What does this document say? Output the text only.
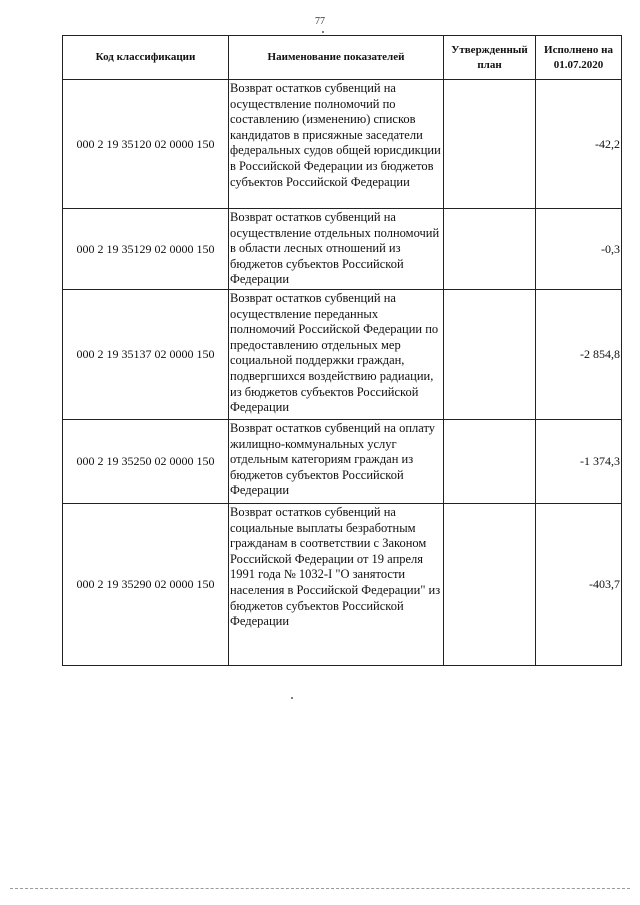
77
Код классификации	Наименование показателей	Утвержденный план	Исполнено на 01.07.2020
000 2 19 35120 02 0000 150	Возврат остатков субвенций на осуществление полномочий по составлению (изменению) списков кандидатов в присяжные заседатели федеральных судов общей юрисдикции в Российской Федерации из бюджетов субъектов Российской Федерации		-42,2
000 2 19 35129 02 0000 150	Возврат остатков субвенций на осуществление отдельных полномочий в области лесных отношений из бюджетов субъектов Российской Федерации		-0,3
000 2 19 35137 02 0000 150	Возврат остатков субвенций на осуществление переданных полномочий Российской Федерации по предоставлению отдельных мер социальной поддержки граждан, подвергшихся воздействию радиации, из бюджетов субъектов Российской Федерации		-2 854,8
000 2 19 35250 02 0000 150	Возврат остатков субвенций на оплату жилищно-коммунальных услуг отдельным категориям граждан из бюджетов субъектов Российской Федерации		-1 374,3
000 2 19 35290 02 0000 150	Возврат остатков субвенций на социальные выплаты безработным гражданам в соответствии с Законом Российской Федерации от 19 апреля 1991 года № 1032-I "О занятости населения в Российской Федерации" из бюджетов субъектов Российской Федерации		-403,7
